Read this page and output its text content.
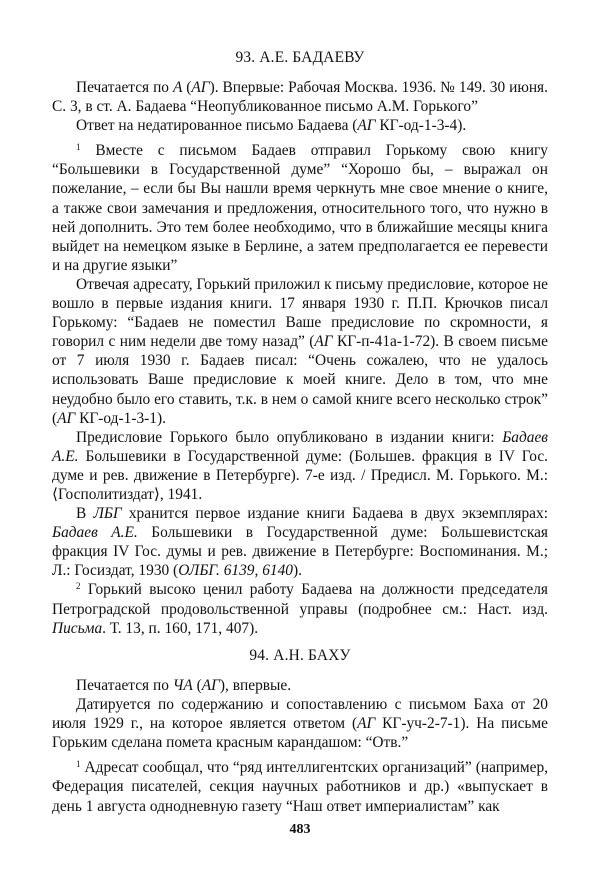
93. А.Е. БАДАЕВУ

Печатается по А (АГ). Впервые: Рабочая Москва. 1936. № 149. 30 июня. С. 3, в ст. А. Бадаева “Неопубликованное письмо А.М. Горького”

Ответ на недатированное письмо Бадаева (АГ КГ-од-1-3-4).

$^1$ Вместе с письмом Бадаев отправил Горькому свою книгу “Большевики в Государственной думе” “Хорошо бы, – выражал он пожелание, – если бы Вы нашли время черкнуть мне свое мнение о книге, а также свои замечания и предложения, относительного того, что нужно в ней дополнить. Это тем более необходимо, что в ближайшие месяцы книга выйдет на немецком языке в Берлине, а затем предполагается ее перевести и на другие языки”

Отвечая адресату, Горький приложил к письму предисловие, которое не вошло в первые издания книги. 17 января 1930 г. П.П. Крючков писал Горькому: “Бадаев не поместил Ваше предисловие по скромности, я говорил с ним недели две тому назад” (АГ КГ-п-41а-1-72). В своем письме от 7 июля 1930 г. Бадаев писал: “Очень сожалею, что не удалось использовать Ваше предисловие к моей книге. Дело в том, что мне неудобно было его ставить, т.к. в нем о самой книге всего несколько строк” (АГ КГ-од-1-3-1).

Предисловие Горького было опубликовано в издании книги: Бадаев А.Е. Большевики в Государственной думе: (Большев. фракция в IV Гос. думе и рев. движение в Петербурге). 7-е изд. / Предисл. М. Горького. М.: ⟨Госполитиздат⟩, 1941.

В ЛБГ хранится первое издание книги Бадаева в двух экземплярах: Бадаев А.Е. Большевики в Государственной думе: Большевистская фракция IV Гос. думы и рев. движение в Петербурге: Воспоминания. М.; Л.: Госиздат, 1930 (ОЛБГ. 6139, 6140).

$^2$ Горький высоко ценил работу Бадаева на должности председателя Петроградской продовольственной управы (подробнее см.: Наст. изд. Письма. Т. 13, п. 160, 171, 407).

94. А.Н. БАХУ

Печатается по ЧА (АГ), впервые.

Датируется по содержанию и сопоставлению с письмом Баха от 20 июля 1929 г., на которое является ответом (АГ КГ-уч-2-7-1). На письме Горьким сделана помета красным карандашом: “Отв.”

$^1$ Адресат сообщал, что “ряд интеллигентских организаций” (например, Федерация писателей, секция научных работников и др.) «выпускает в день 1 августа однодневную газету “Наш ответ империалистам” как

483
